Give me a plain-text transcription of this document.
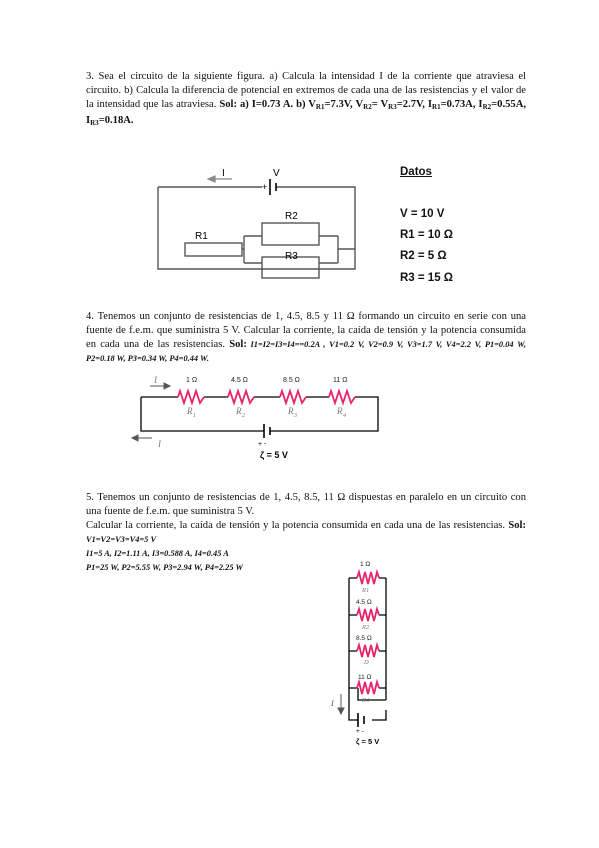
3. Sea el circuito de la siguiente figura. a) Calcula la intensidad I de la corriente que atraviesa el circuito. b) Calcula la diferencia de potencial en extremos de cada una de las resistencias y el valor de la intensidad que las atraviesa. Sol: a) I=0.73 A. b) $V_{R1}=7.3V$, $V_{R2}= V_{R3}=2.7V$, $I_{R1}=0.73A$, $I_{R2}=0.55A$, $I_{R3}=0.18A$.
I	V
+
R1
R2
R3
Datos
V = 10 V
R1 = 10 Ω
R2 = 5 Ω
R3 = 15 Ω
4. Tenemos un conjunto de resistencias de 1, 4.5, 8.5 y 11 Ω formando un circuito en serie con una fuente de f.e.m. que suministra 5 V. Calcular la corriente, la caída de tensión y la potencia consumida en cada una de las resistencias. Sol: I1=I2=I3=I4==0.2A , V1=0.2 V, V2=0.9 V, V3=1.7 V, V4=2.2 V, P1=0.04 W, P2=0.18 W, P3=0.34 W, P4=0.44 W.
1 Ω	4.5 Ω	8.5 Ω	11 Ω
R 1	R 2	R 3	R 4
I
I	+ -
ζ = 5 V
5. Tenemos un conjunto de resistencias de 1, 4.5, 8.5, 11 Ω dispuestas en paralelo en un circuito con una fuente de f.e.m. que suministra 5 V.
Calcular la corriente, la caída de tensión y la potencia consumida en cada una de las resistencias. Sol: V1=V2=V3=V4=5 V
I1=5 A, I2=1.11 A, I3=0.588 A, I4=0.45 A
P1=25 W, P2=5.55 W, P3=2.94 W, P4=2.25 W	1 Ω
4.5 Ω
8.5 Ω
11 Ω
R1
R2
D
R4
I
+ -
ζ = 5 V
